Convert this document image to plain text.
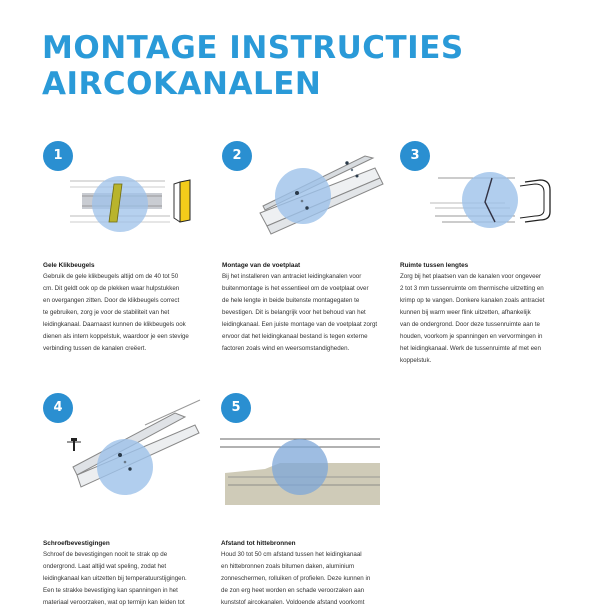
MONTAGE INSTRUCTIES
AIRCOKANALEN
1
Gele Klikbeugels
Gebruik de gele klikbeugels altijd om de 40 tot 50
cm. Dit geldt ook op de plekken waar hulpstukken
en overgangen zitten. Door de klikbeugels correct
te gebruiken, zorg je voor de stabiliteit van het
leidingkanaal. Daarnaast kunnen de klikbeugels ook
dienen als intern koppelstuk, waardoor je een stevige
verbinding tussen de kanalen creëert.
2
Montage van de voetplaat
Bij het installeren van antraciet leidingkanalen voor
buitenmontage is het essentieel om de voetplaat over
de hele lengte in beide buitenste montagegaten te
bevestigen. Dit is belangrijk voor het behoud van het
leidingkanaal. Een juiste montage van de voetplaat zorgt
ervoor dat het leidingkanaal bestand is tegen externe
factoren zoals wind en weersomstandigheden.
3
Ruimte tussen lengtes
Zorg bij het plaatsen van de kanalen voor ongeveer
2 tot 3 mm tussenruimte om thermische uitzetting en
krimp op te vangen. Donkere kanalen zoals antraciet
kunnen bij warm weer flink uitzetten, afhankelijk
van de ondergrond. Door deze tussenruimte aan te
houden, voorkom je spanningen en vervormingen in
het leidingkanaal. Werk de tussenruimte af met een
koppelstuk.
4
Schroefbevestigingen
Schroef de bevestigingen nooit te strak op de
ondergrond. Laat altijd wat speling, zodat het
leidingkanaal kan uitzetten bij temperatuurstijgingen.
Een te strakke bevestiging kan spanningen in het
materiaal veroorzaken, wat op termijn kan leiden tot
5
Afstand tot hittebronnen
Houd 30 tot 50 cm afstand tussen het leidingkanaal
en hittebronnen zoals bitumen daken, aluminium
zonneschermen, rolluiken of profielen. Deze kunnen in
de zon erg heet worden en schade veroorzaken aan
kunststof aircokanalen. Voldoende afstand voorkomt
